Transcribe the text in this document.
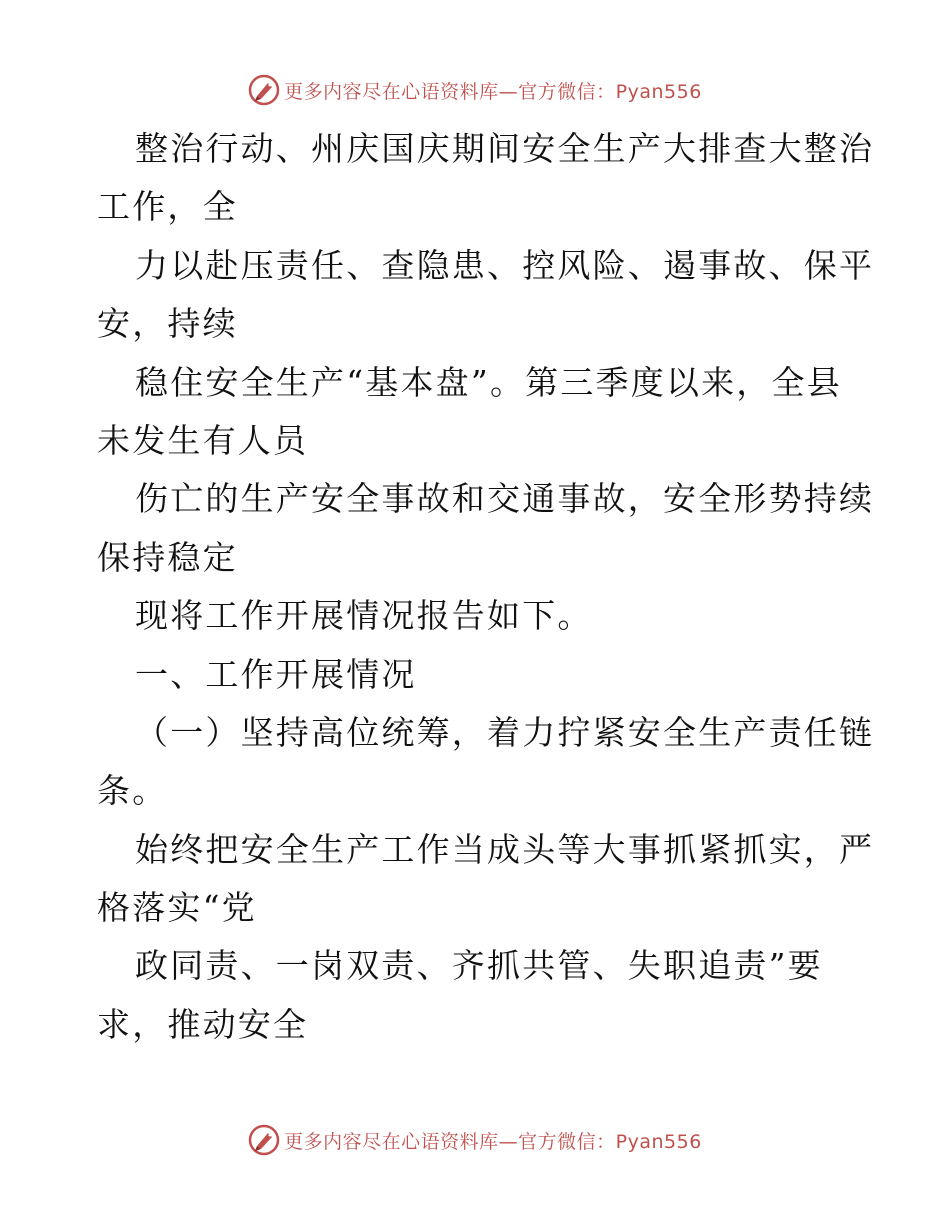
更多内容尽在心语资料库—官方微信：Pyan556
整治行动、州庆国庆期间安全生产大排查大整治
工作，全
力以赴压责任、查隐患、控风险、遏事故、保平
安，持续
稳住安全生产“基本盘”。第三季度以来，全县
未发生有人员
伤亡的生产安全事故和交通事故，安全形势持续
保持稳定
现将工作开展情况报告如下。
一、工作开展情况
（一）坚持高位统筹，着力拧紧安全生产责任链
条。
始终把安全生产工作当成头等大事抓紧抓实，严
格落实“党
政同责、一岗双责、齐抓共管、失职追责”要
求，推动安全
更多内容尽在心语资料库—官方微信：Pyan556
